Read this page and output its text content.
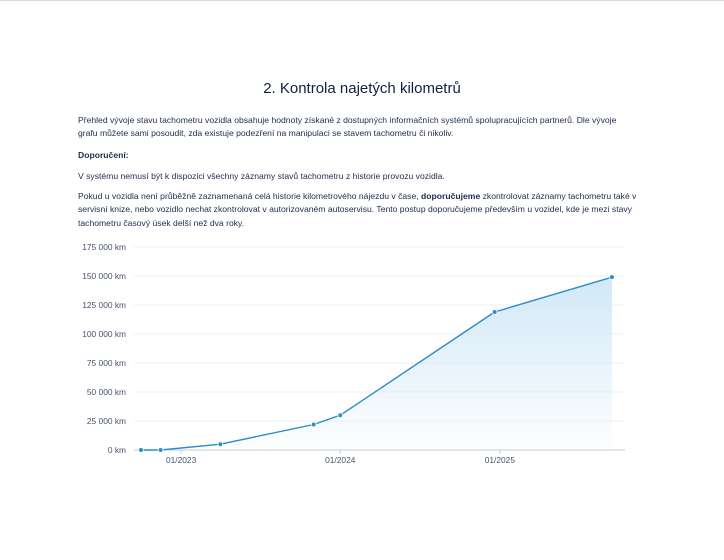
2. Kontrola najetých kilometrů

Přehled vývoje stavu tachometru vozidla obsahuje hodnoty získané z dostupných informačních systémů spolupracujících partnerů. Dle vývoje grafu můžete sami posoudit, zda existuje podezření na manipulaci se stavem tachometru či nikoliv.

Doporučení:

V systému nemusí být k dispozici všechny záznamy stavů tachometru z historie provozu vozidla.

Pokud u vozidla není průběžně zaznamenaná celá historie kilometrového nájezdu v čase, doporučujeme zkontrolovat záznamy tachometru také v servisní knize, nebo vozidlo nechat zkontrolovat v autorizovaném autoservisu. Tento postup doporučujeme především u vozidel, kde je mezi stavy tachometru časový úsek delší než dva roky.

0 km
25 000 km
50 000 km
75 000 km
100 000 km
125 000 km
150 000 km
175 000 km
01/2023	01/2024	01/2025
